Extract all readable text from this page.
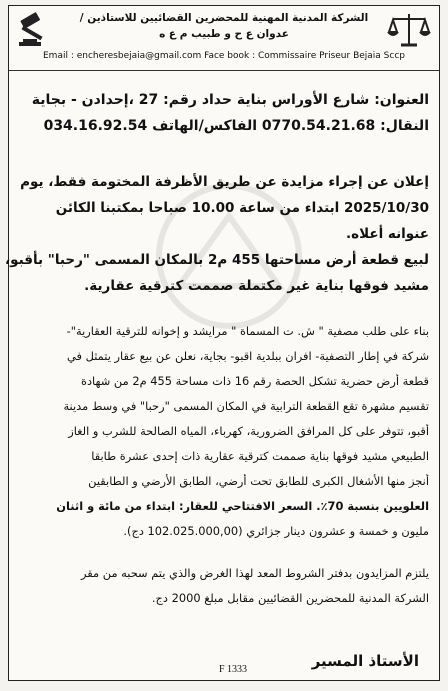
الشركة المدنية المهنية للمحضرين القضائيين للاستاذين /
عدوان ع ح و طبيب م ع ه
Email : encheresbejaia@gmail.com Face book : Commissaire Priseur Bejaia Sccp
العنوان: شارع الأوراس بناية حداد رقم: 27 ،إحدادن - بجاية
النقال: 0770.54.21.68 الفاكس/الهاتف 034.16.92.54
إعلان عن إجراء مزايدة عن طريق الأظرفة المختومة فقط، يوم
2025/10/30 ابتداء من ساعة 10.00 صباحا بمكتبنا الكائن
عنوانه أعلاه.
لبيع قطعة أرض مساحتها 455 م2 بالمكان المسمى "رحبا" بأقبو،
مشيد فوقها بناية غير مكتملة صممت كترقية عقارية.
بناء على طلب مصفية " ش. ت المسماة " مرايشد و إخوانه للترقية العقارية"-
شركة في إطار التصفية- افران ببلدية اقبو- بجاية، نعلن عن بيع عقار يتمثل في
قطعة أرض حضرية تشكل الحصة رقم 16 ذات مساحة 455 م2 من شهادة
تقسيم مشهرة تقع القطعة الترابية في المكان المسمى "رحبا" في وسط مدينة
أقبو، تتوفر على كل المرافق الضرورية، كهرباء، المياه الصالحة للشرب و الغاز
الطبيعي مشيد فوقها بناية صممت كترقية عقارية ذات إحدى عشرة طابقا
أنجز منها الأشغال الكبرى للطابق تحت أرضي، الطابق الأرضي و الطابقين
العلويين بنسبة 70٪. السعر الافتتاحي للعقار: ابتداء من مائة و اثنان
مليون و خمسة و عشرون دينار جزائري (102.025.000,00 دج).
يلتزم المزايدون بدفتر الشروط المعد لهذا الغرض والذي يتم سحبه من مقر
الشركة المدنية للمحضرين القضائيين مقابل مبلغ 2000 دج.
الأستاذ المسير
F 1333
